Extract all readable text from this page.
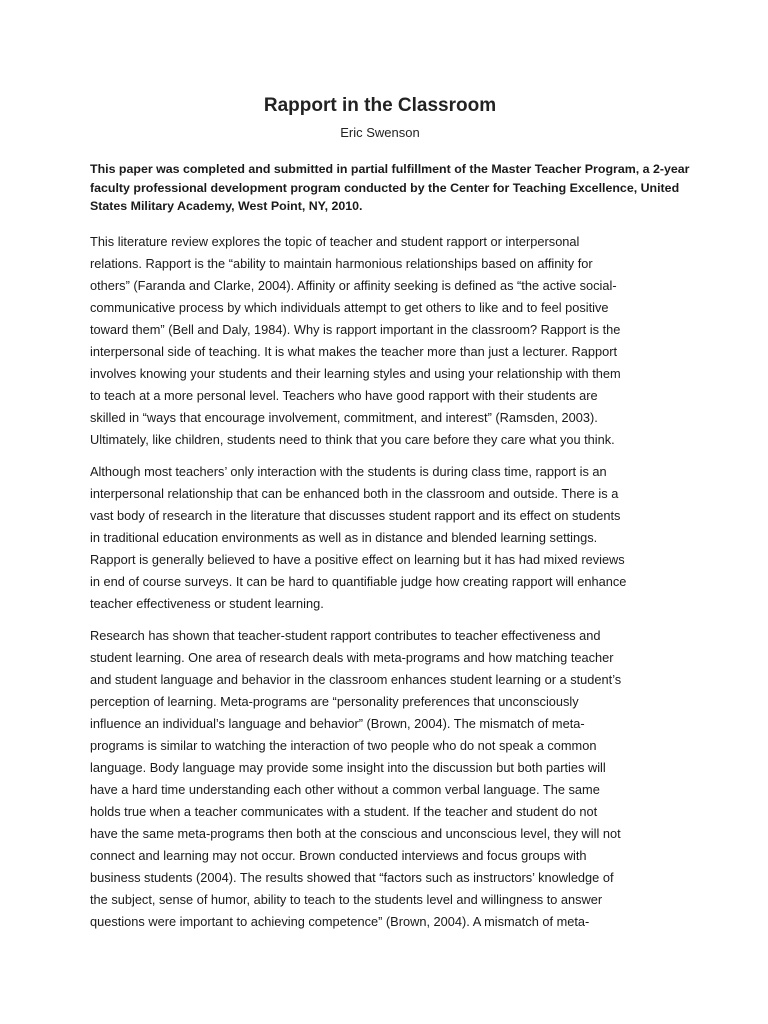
Rapport in the Classroom
Eric Swenson

This paper was completed and submitted in partial fulfillment of the Master Teacher Program, a 2-year
faculty professional development program conducted by the Center for Teaching Excellence, United
States Military Academy, West Point, NY, 2010.

This literature review explores the topic of teacher and student rapport or interpersonal
relations. Rapport is the “ability to maintain harmonious relationships based on affinity for
others” (Faranda and Clarke, 2004). Affinity or affinity seeking is defined as “the active social-
communicative process by which individuals attempt to get others to like and to feel positive
toward them” (Bell and Daly, 1984). Why is rapport important in the classroom? Rapport is the
interpersonal side of teaching. It is what makes the teacher more than just a lecturer. Rapport
involves knowing your students and their learning styles and using your relationship with them
to teach at a more personal level. Teachers who have good rapport with their students are
skilled in “ways that encourage involvement, commitment, and interest” (Ramsden, 2003).
Ultimately, like children, students need to think that you care before they care what you think.

Although most teachers’ only interaction with the students is during class time, rapport is an
interpersonal relationship that can be enhanced both in the classroom and outside. There is a
vast body of research in the literature that discusses student rapport and its effect on students
in traditional education environments as well as in distance and blended learning settings.
Rapport is generally believed to have a positive effect on learning but it has had mixed reviews
in end of course surveys. It can be hard to quantifiable judge how creating rapport will enhance
teacher effectiveness or student learning.

Research has shown that teacher-student rapport contributes to teacher effectiveness and
student learning. One area of research deals with meta-programs and how matching teacher
and student language and behavior in the classroom enhances student learning or a student’s
perception of learning. Meta-programs are “personality preferences that unconsciously
influence an individual’s language and behavior” (Brown, 2004). The mismatch of meta-
programs is similar to watching the interaction of two people who do not speak a common
language. Body language may provide some insight into the discussion but both parties will
have a hard time understanding each other without a common verbal language. The same
holds true when a teacher communicates with a student. If the teacher and student do not
have the same meta-programs then both at the conscious and unconscious level, they will not
connect and learning may not occur. Brown conducted interviews and focus groups with
business students (2004). The results showed that “factors such as instructors’ knowledge of
the subject, sense of humor, ability to teach to the students level and willingness to answer
questions were important to achieving competence” (Brown, 2004). A mismatch of meta-
